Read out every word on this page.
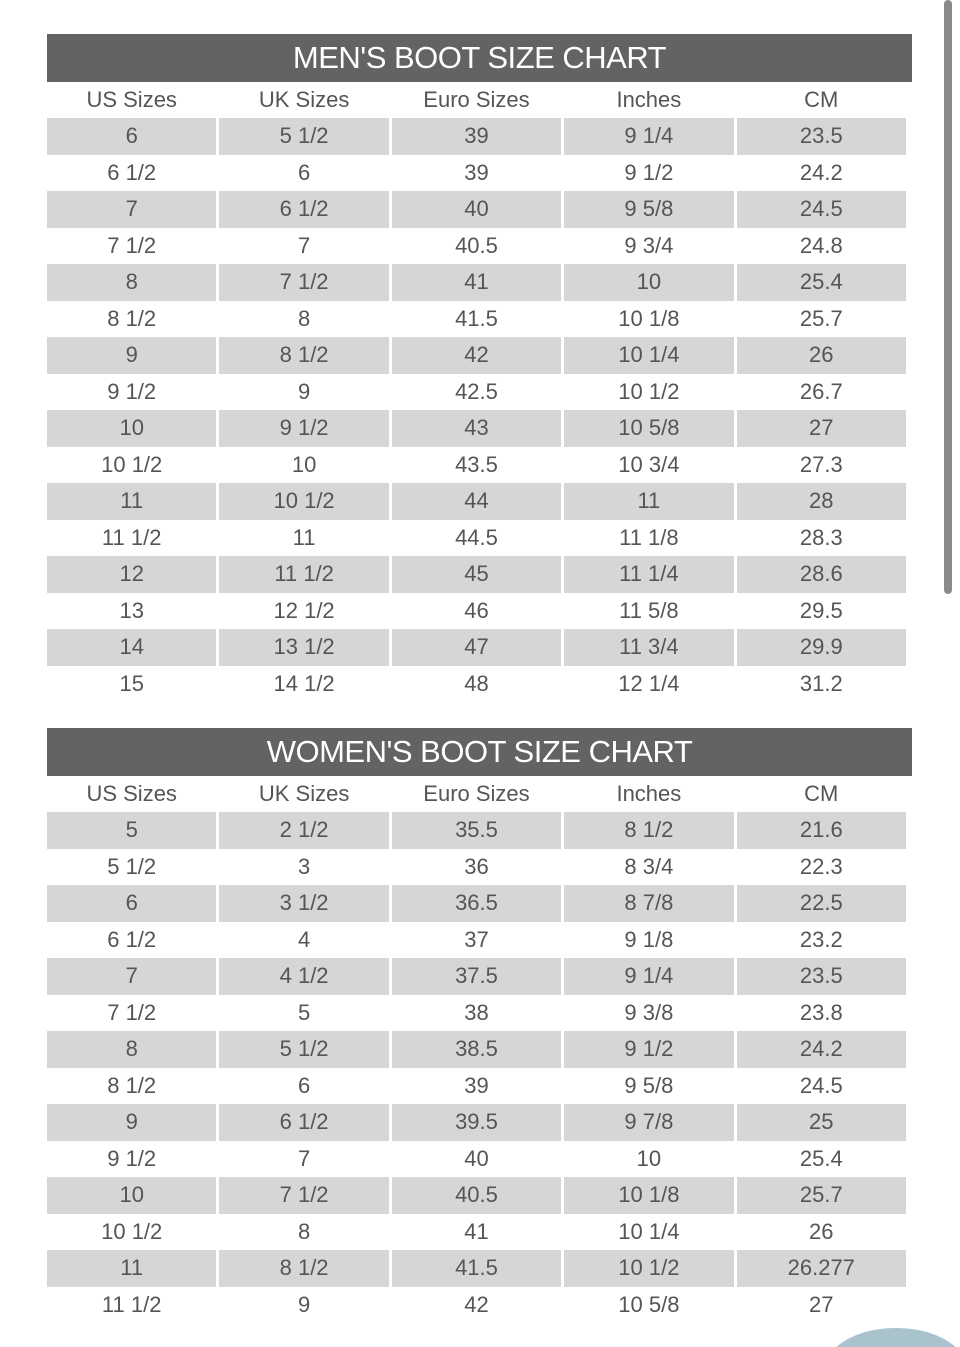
MEN'S BOOT SIZE CHART
US Sizes	UK Sizes	Euro Sizes	Inches	CM
6	5 1/2	39	9 1/4	23.5
6 1/2	6	39	9 1/2	24.2
7	6 1/2	40	9 5/8	24.5
7 1/2	7	40.5	9 3/4	24.8
8	7 1/2	41	10	25.4
8 1/2	8	41.5	10 1/8	25.7
9	8 1/2	42	10 1/4	26
9 1/2	9	42.5	10 1/2	26.7
10	9 1/2	43	10 5/8	27
10 1/2	10	43.5	10 3/4	27.3
11	10 1/2	44	11	28
11 1/2	11	44.5	11 1/8	28.3
12	11 1/2	45	11 1/4	28.6
13	12 1/2	46	11 5/8	29.5
14	13 1/2	47	11 3/4	29.9
15	14 1/2	48	12 1/4	31.2
WOMEN'S BOOT SIZE CHART
US Sizes	UK Sizes	Euro Sizes	Inches	CM
5	2 1/2	35.5	8 1/2	21.6
5 1/2	3	36	8 3/4	22.3
6	3 1/2	36.5	8 7/8	22.5
6 1/2	4	37	9 1/8	23.2
7	4 1/2	37.5	9 1/4	23.5
7 1/2	5	38	9 3/8	23.8
8	5 1/2	38.5	9 1/2	24.2
8 1/2	6	39	9 5/8	24.5
9	6 1/2	39.5	9 7/8	25
9 1/2	7	40	10	25.4
10	7 1/2	40.5	10 1/8	25.7
10 1/2	8	41	10 1/4	26
11	8 1/2	41.5	10 1/2	26.277
11 1/2	9	42	10 5/8	27
